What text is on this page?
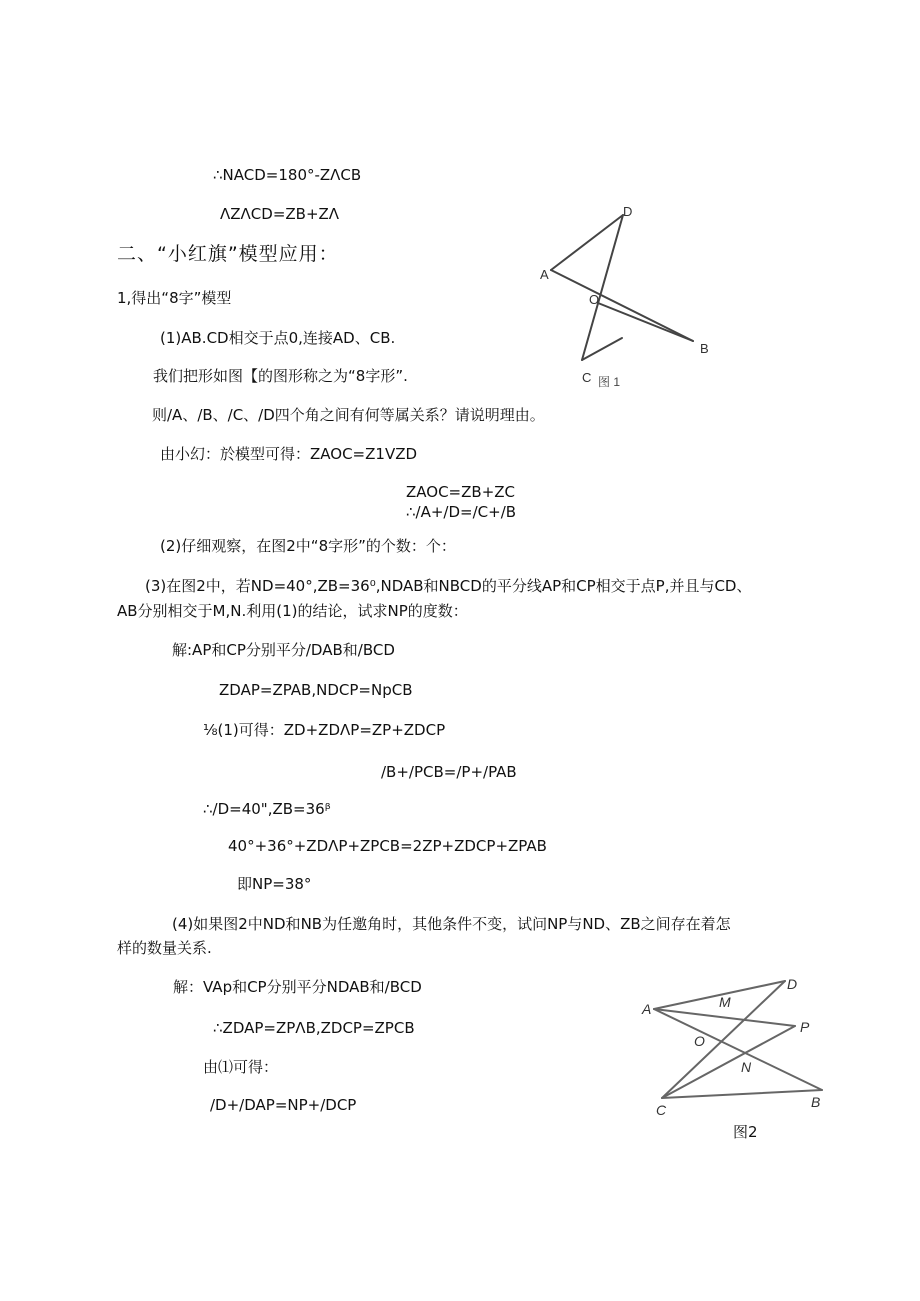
∴NACD=180°-ZΛCB
ΛZΛCD=ZB+ZΛ
二、“小红旗”模型应用：
1,得出“8字”模型
(1)AB.CD相交于点0,连接AD、CB.
我们把形如图【的图形称之为“8字形”.
则/A、/B、/C、/D四个角之间有何等属关系？请说明理由。
由小幻：於模型可得：ZAOC=Z1VZD
ZAOC=ZB+ZC
∴/A+/D=/C+/B
(2)仔细观察，在图2中“8字形”的个数：个：
(3)在图2中，若ND=40°,ZB=36⁰,NDAB和NBCD的平分线AP和CP相交于点P,并且与CD、
AB分别相交于M,N.利用(1)的结论，试求NP的度数：
解:AP和CP分别平分/DAB和/BCD
ZDAP=ZPAB,NDCP=NpCB
⅛(1)可得：ZD+ZDΛP=ZP+ZDCP
/B+/PCB=/P+/PAB
∴/D=40",ZB=36ᵝ
40°+36°+ZDΛP+ZPCB=2ZP+ZDCP+ZPAB
即NP=38°
(4)如果图2中ND和NB为任邀角时，其他条件不变，试问NP与ND、ZB之间存在着怎
样的数量关系.
解：VAp和CP分别平分NDAB和/BCD
∴ZDAP=ZPΛB,ZDCP=ZPCB
由⑴可得：
/D+/DAP=NP+/DCP
D
A
O
B
C 图 1
D
A	M
P
O
N
C	B
图2
